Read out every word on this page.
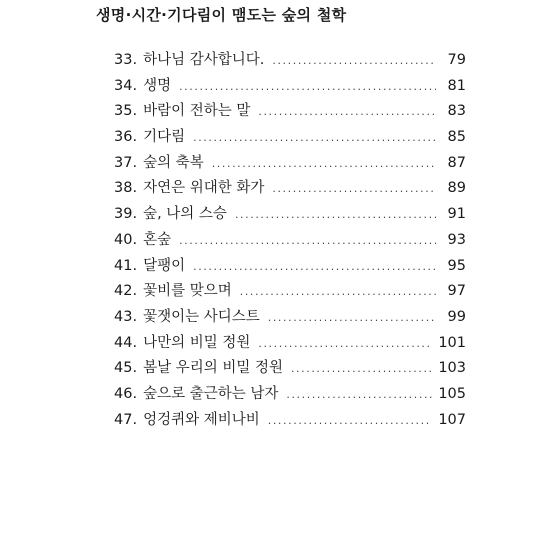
생명·시간·기다림이 맴도는 숲의 철학
33. 하나님 감사합니다. .....	79
34. 생명 .....	81
35. 바람이 전하는 말 .....	83
36. 기다림 .....	85
37. 숲의 축복 .....	87
38. 자연은 위대한 화가 .....	89
39. 숲, 나의 스승 .....	91
40. 혼숲 .....	93
41. 달팽이 .....	95
42. 꽃비를 맞으며 .....	97
43. 꽃잿이는 사디스트 .....	99
44. 나만의 비밀 정원 .....	101
45. 봄날 우리의 비밀 정원 .....	103
46. 숲으로 출근하는 남자 .....	105
47. 엉겅퀴와 제비나비 .....	107
